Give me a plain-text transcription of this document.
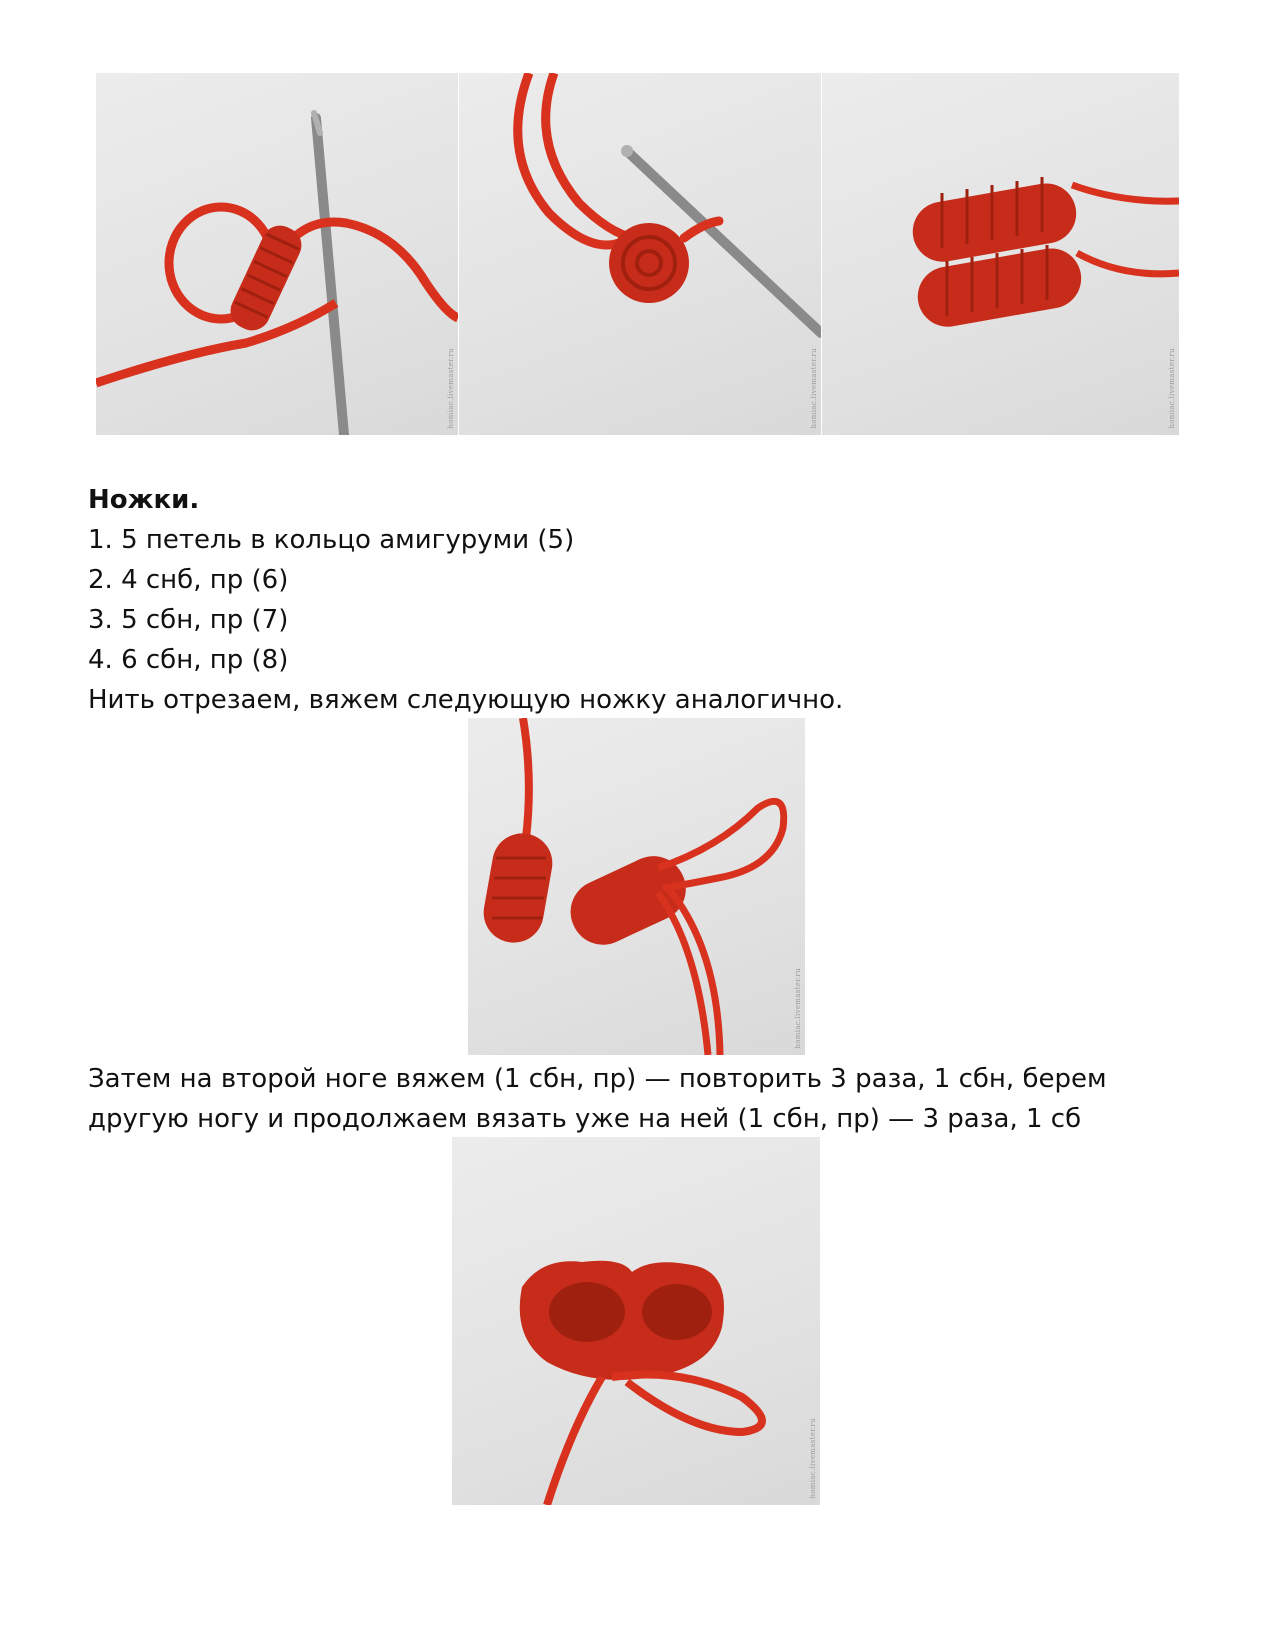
homiac.livemaster.ru	homiac.livemaster.ru	homiac.livemaster.ru
Ножки.
1. 5 петель в кольцо амигуруми (5)
2. 4 снб, пр (6)
3. 5 сбн, пр (7)
4. 6 сбн, пр (8)
Нить отрезаем, вяжем следующую ножку аналогично.
homiac.livemaster.ru
Затем на второй ноге вяжем (1 сбн, пр) — повторить 3 раза, 1 сбн, берем
другую ногу и продолжаем вязать уже на ней (1 сбн, пр) — 3 раза, 1 сб
homiac.livemaster.ru
